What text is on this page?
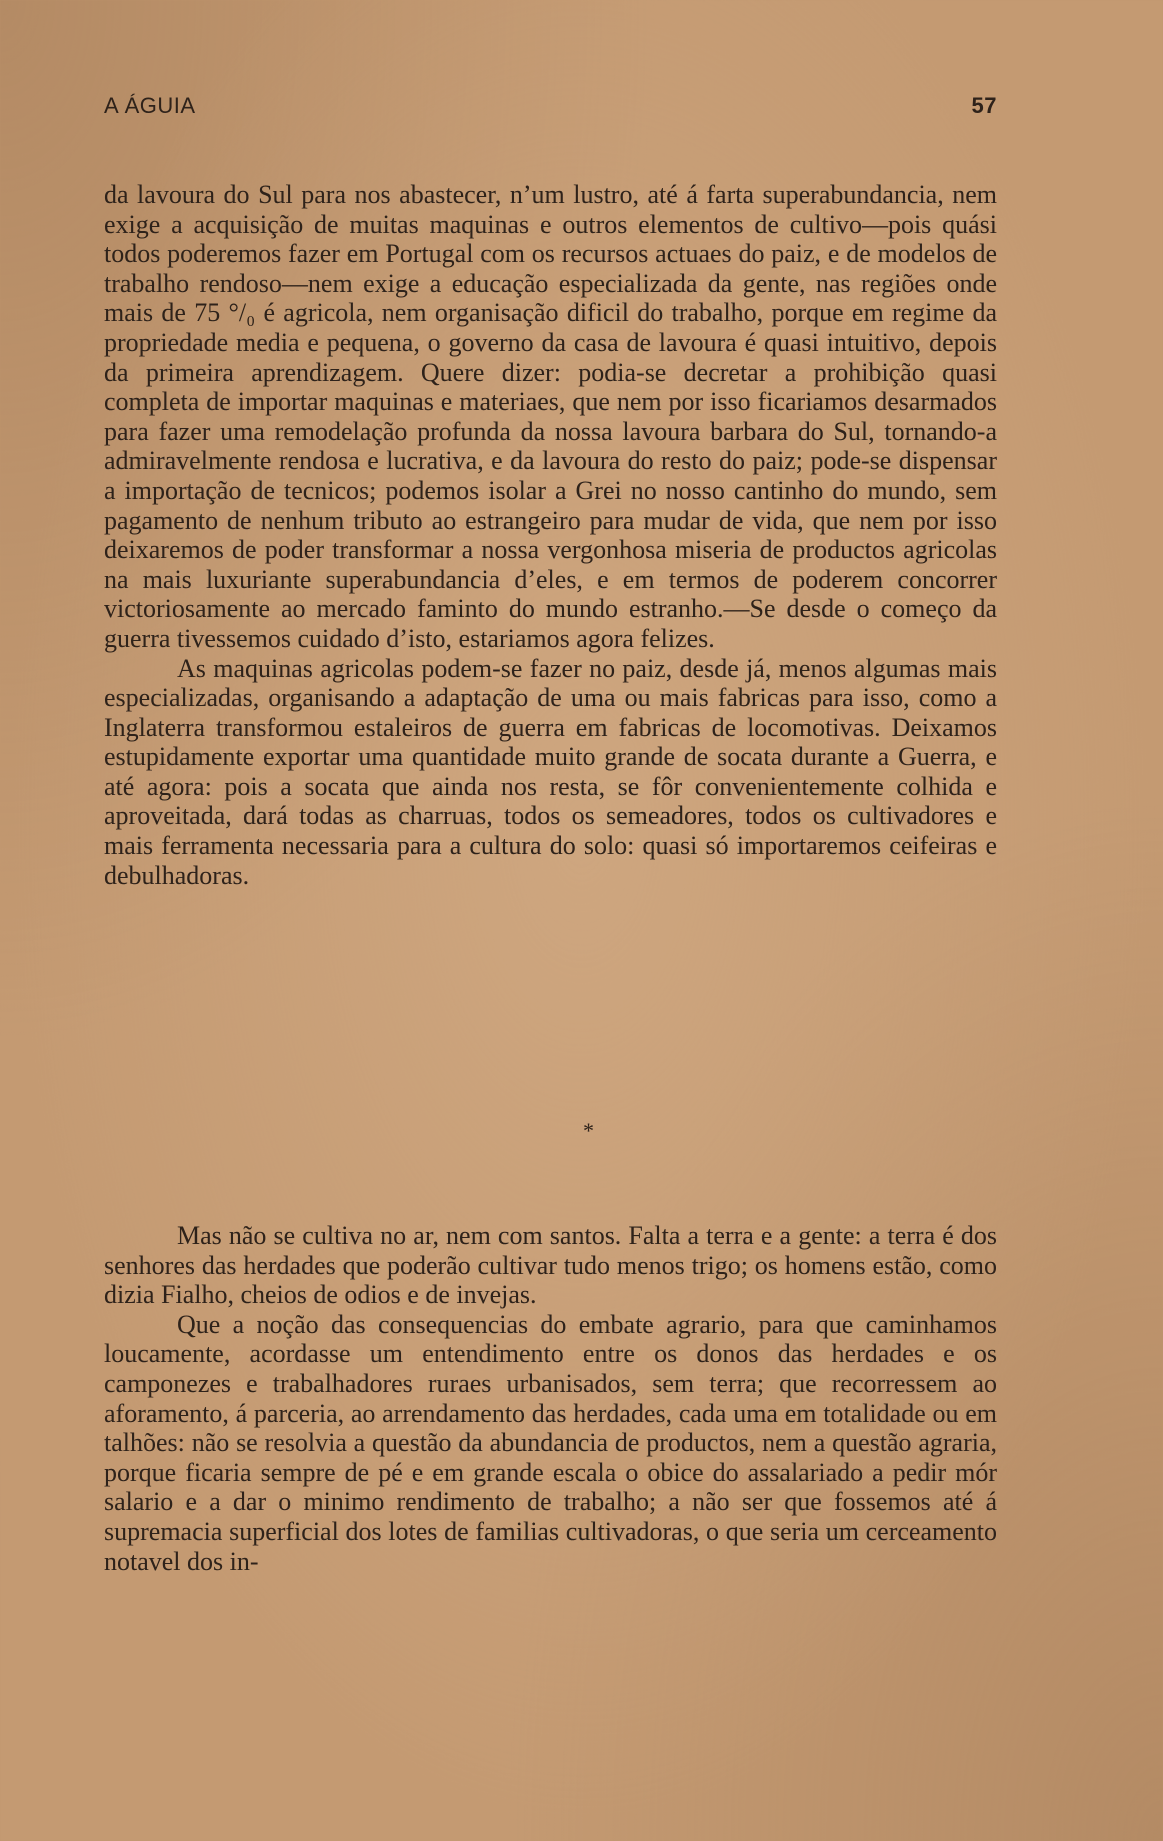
A ÁGUIA	57

da lavoura do Sul para nos abastecer, n’um lustro, até á farta superabundancia, nem exige a acquisição de muitas maquinas e outros elementos de cultivo—pois quási todos poderemos fazer em Portugal com os recursos actuaes do paiz, e de modelos de trabalho rendoso—nem exige a educação especializada da gente, nas regiões onde mais de 75 °/₀ é agricola, nem organisação dificil do trabalho, porque em regime da propriedade media e pequena, o governo da casa de lavoura é quasi intuitivo, depois da primeira aprendizagem. Quere dizer: podia-se decretar a prohibição quasi completa de importar maquinas e materiaes, que nem por isso ficariamos desarmados para fazer uma remodelação profunda da nossa lavoura barbara do Sul, tornando-a admiravelmente rendosa e lucrativa, e da lavoura do resto do paiz; pode-se dispensar a importação de tecnicos; podemos isolar a Grei no nosso cantinho do mundo, sem pagamento de nenhum tributo ao estrangeiro para mudar de vida, que nem por isso deixaremos de poder transformar a nossa vergonhosa miseria de productos agricolas na mais luxuriante superabundancia d’eles, e em termos de poderem concorrer victoriosamente ao mercado faminto do mundo estranho.—Se desde o começo da guerra tivessemos cuidado d’isto, estariamos agora felizes.

As maquinas agricolas podem-se fazer no paiz, desde já, menos algumas mais especializadas, organisando a adaptação de uma ou mais fabricas para isso, como a Inglaterra transformou estaleiros de guerra em fabricas de locomotivas. Deixamos estupidamente exportar uma quantidade muito grande de socata durante a Guerra, e até agora: pois a socata que ainda nos resta, se fôr convenientemente colhida e aproveitada, dará todas as charruas, todos os semeadores, todos os cultivadores e mais ferramenta necessaria para a cultura do solo: quasi só importaremos ceifeiras e debulhadoras.

*

Mas não se cultiva no ar, nem com santos. Falta a terra e a gente: a terra é dos senhores das herdades que poderão cultivar tudo menos trigo; os homens estão, como dizia Fialho, cheios de odios e de invejas.

Que a noção das consequencias do embate agrario, para que caminhamos loucamente, acordasse um entendimento entre os donos das herdades e os camponezes e trabalhadores ruraes urbanisados, sem terra; que recorressem ao aforamento, á parceria, ao arrendamento das herdades, cada uma em totalidade ou em talhões: não se resolvia a questão da abundancia de productos, nem a questão agraria, porque ficaria sempre de pé e em grande escala o obice do assalariado a pedir mór salario e a dar o minimo rendimento de trabalho; a não ser que fossemos até á supremacia superficial dos lotes de familias cultivadoras, o que seria um cerceamento notavel dos in-
